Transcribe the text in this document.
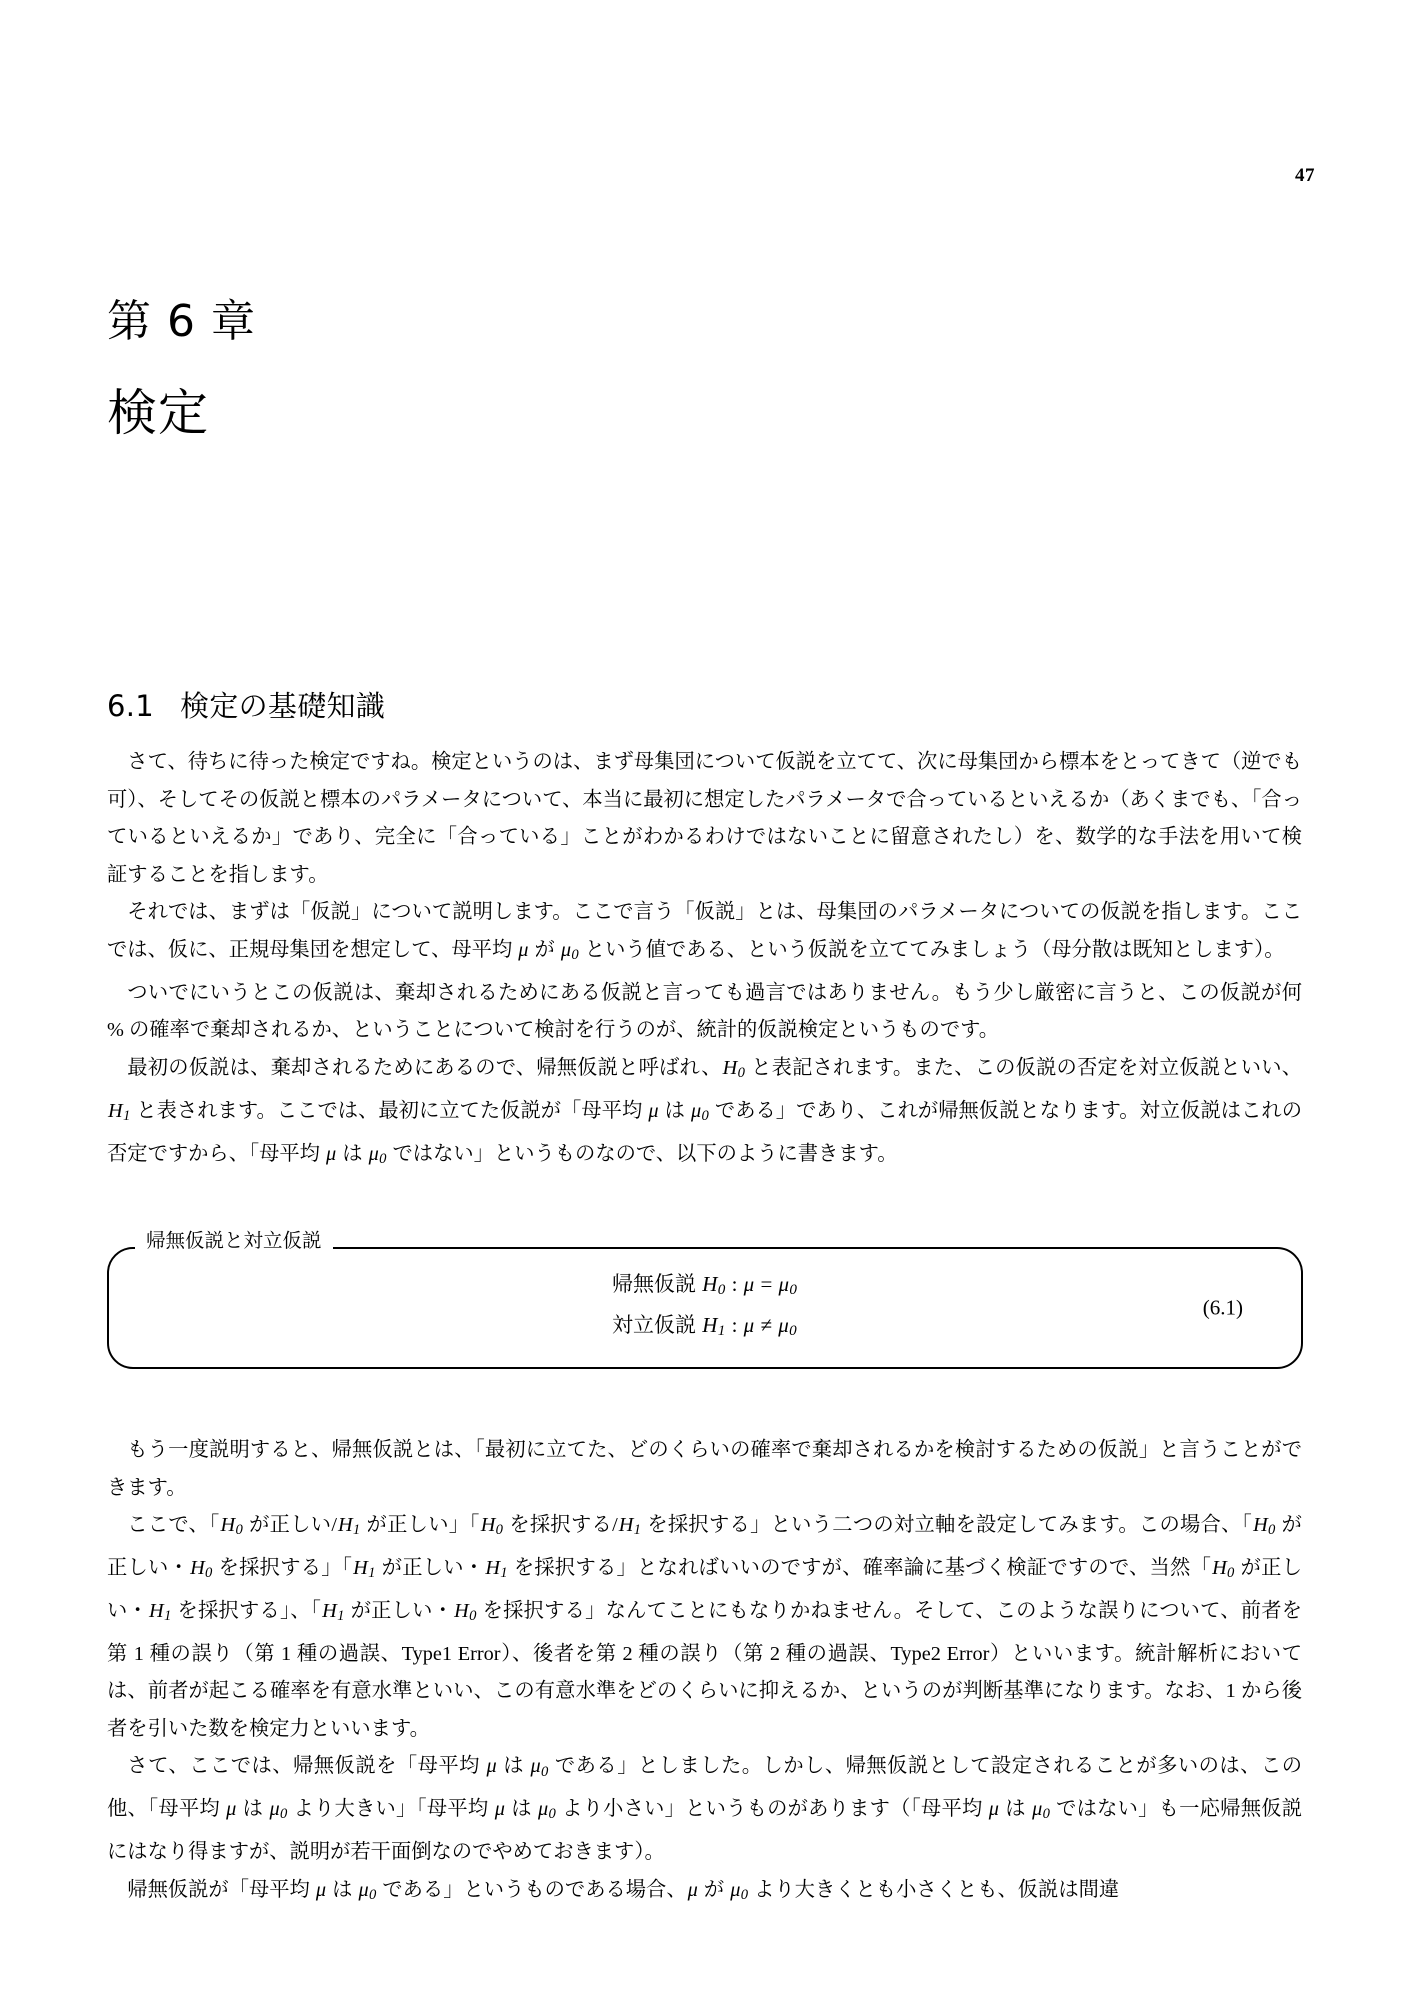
47
第 6 章
検定
6.1 検定の基礎知識

さて、待ちに待った検定ですね。検定というのは、まず母集団について仮説を立てて、次に母集団から標本をとってきて（逆でも可）、そしてその仮説と標本のパラメータについて、本当に最初に想定したパラメータで合っているといえるか（あくまでも、「合っているといえるか」であり、完全に「合っている」ことがわかるわけではないことに留意されたし）を、数学的な手法を用いて検証することを指します。

それでは、まずは「仮説」について説明します。ここで言う「仮説」とは、母集団のパラメータについての仮説を指します。ここでは、仮に、正規母集団を想定して、母平均 μ が $\mu_0$ という値である、という仮説を立ててみましょう（母分散は既知とします）。

ついでにいうとこの仮説は、棄却されるためにある仮説と言っても過言ではありません。もう少し厳密に言うと、この仮説が何 % の確率で棄却されるか、ということについて検討を行うのが、統計的仮説検定というものです。

最初の仮説は、棄却されるためにあるので、帰無仮説と呼ばれ、$H_0$ と表記されます。また、この仮説の否定を対立仮説といい、$H_1$ と表されます。ここでは、最初に立てた仮説が「母平均 μ は $\mu_0$ である」であり、これが帰無仮説となります。対立仮説はこれの否定ですから、「母平均 μ は $\mu_0$ ではない」というものなので、以下のように書きます。

帰無仮説と対立仮説
帰無仮説 $H_0$ : $\mu = \mu_0$
対立仮説 $H_1$ : $\mu \ne \mu_0$
(6.1)

もう一度説明すると、帰無仮説とは、「最初に立てた、どのくらいの確率で棄却されるかを検討するための仮説」と言うことができます。

ここで、「$H_0$ が正しい$/H_1$ が正しい」「$H_0$ を採択する$/H_1$ を採択する」という二つの対立軸を設定してみます。この場合、「$H_0$ が正しい・$H_0$ を採択する」「$H_1$ が正しい・$H_1$ を採択する」となればいいのですが、確率論に基づく検証ですので、当然「$H_0$ が正しい・$H_1$ を採択する」、「$H_1$ が正しい・$H_0$ を採択する」なんてことにもなりかねません。そして、このような誤りについて、前者を第 1 種の誤り（第 1 種の過誤、Type1 Error）、後者を第 2 種の誤り（第 2 種の過誤、Type2 Error）といいます。統計解析においては、前者が起こる確率を有意水準といい、この有意水準をどのくらいに抑えるか、というのが判断基準になります。なお、1 から後者を引いた数を検定力といいます。

さて、ここでは、帰無仮説を「母平均 μ は $\mu_0$ である」としました。しかし、帰無仮説として設定されることが多いのは、この他、「母平均 μ は $\mu_0$ より大きい」「母平均 μ は $\mu_0$ より小さい」というものがあります（「母平均 μ は $\mu_0$ ではない」も一応帰無仮説にはなり得ますが、説明が若干面倒なのでやめておきます）。

帰無仮説が「母平均 μ は $\mu_0$ である」というものである場合、μ が $\mu_0$ より大きくとも小さくとも、仮説は間違
